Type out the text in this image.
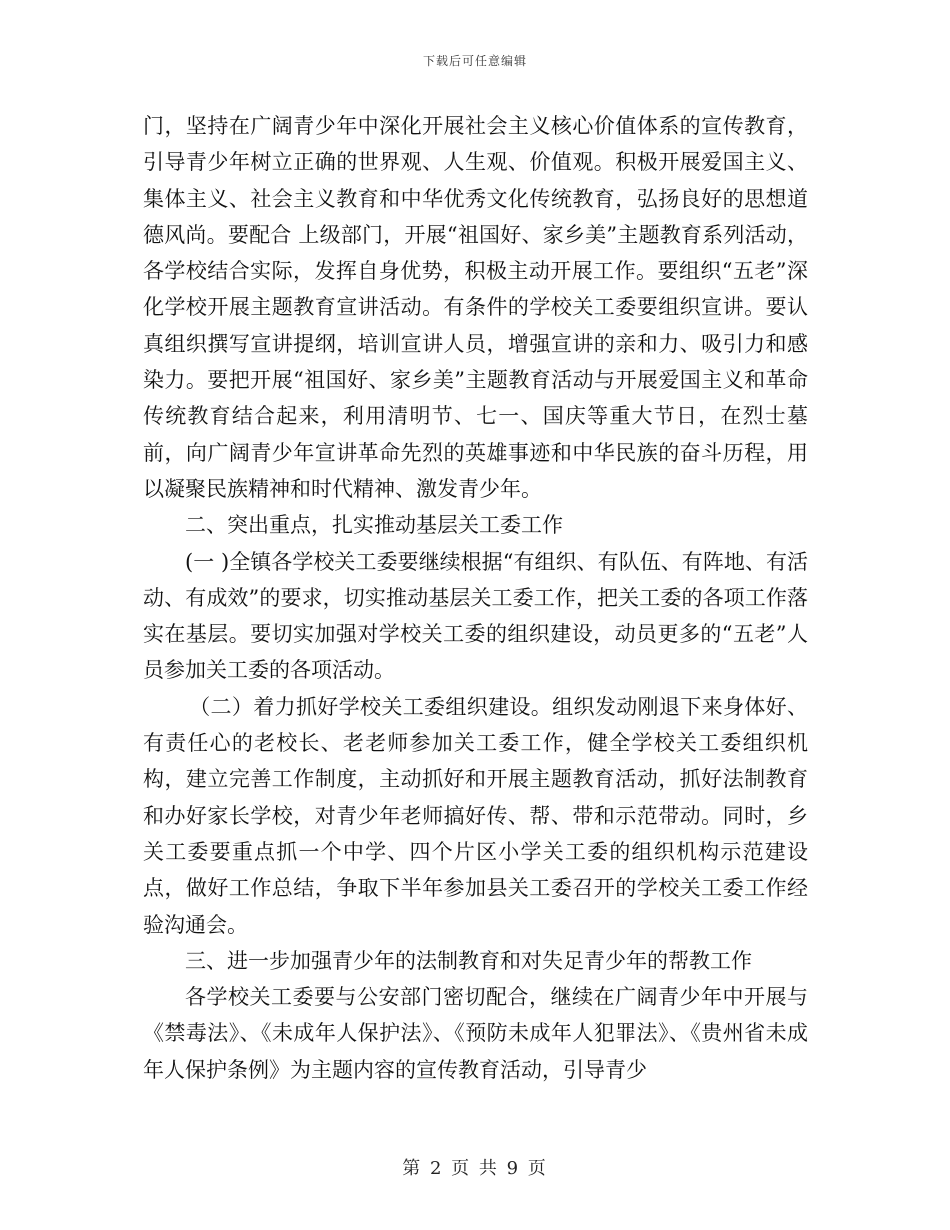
下载后可任意编辑

门，坚持在广阔青少年中深化开展社会主义核心价值体系的宣传教育，引导青少年树立正确的世界观、人生观、价值观。积极开展爱国主义、集体主义、社会主义教育和中华优秀文化传统教育，弘扬良好的思想道德风尚。要配合 上级部门，开展“祖国好、家乡美”主题教育系列活动，各学校结合实际，发挥自身优势，积极主动开展工作。要组织“五老”深化学校开展主题教育宣讲活动。有条件的学校关工委要组织宣讲。要认真组织撰写宣讲提纲，培训宣讲人员，增强宣讲的亲和力、吸引力和感染力。要把开展“祖国好、家乡美”主题教育活动与开展爱国主义和革命传统教育结合起来，利用清明节、七一、国庆等重大节日，在烈士墓前，向广阔青少年宣讲革命先烈的英雄事迹和中华民族的奋斗历程，用以凝聚民族精神和时代精神、激发青少年。

二、突出重点，扎实推动基层关工委工作

(一 )全镇各学校关工委要继续根据“有组织、有队伍、有阵地、有活动、有成效”的要求，切实推动基层关工委工作，把关工委的各项工作落实在基层。要切实加强对学校关工委的组织建设，动员更多的“五老”人员参加关工委的各项活动。

（二）着力抓好学校关工委组织建设。组织发动刚退下来身体好、有责任心的老校长、老老师参加关工委工作，健全学校关工委组织机构，建立完善工作制度，主动抓好和开展主题教育活动，抓好法制教育和办好家长学校，对青少年老师搞好传、帮、带和示范带动。同时，乡关工委要重点抓一个中学、四个片区小学关工委的组织机构示范建设点，做好工作总结，争取下半年参加县关工委召开的学校关工委工作经验沟通会。

三、进一步加强青少年的法制教育和对失足青少年的帮教工作

各学校关工委要与公安部门密切配合，继续在广阔青少年中开展与《禁毒法》、《未成年人保护法》、《预防未成年人犯罪法》、《贵州省未成年人保护条例》为主题内容的宣传教育活动，引导青少

第 2 页 共 9 页
